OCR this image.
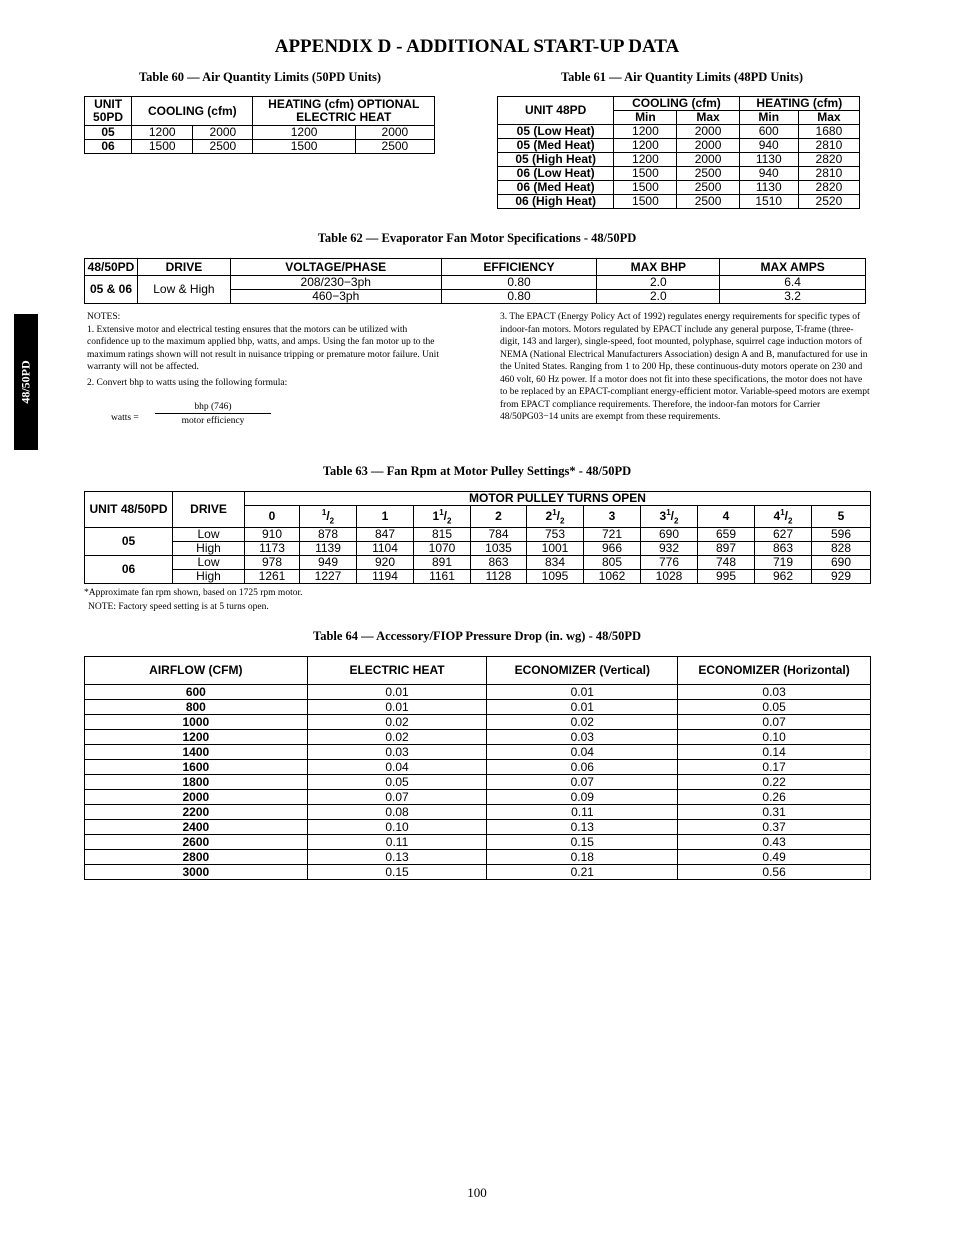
APPENDIX D - ADDITIONAL START-UP DATA
48/50PD
Table 60 — Air Quantity Limits (50PD Units)
UNIT 50PD	COOLING (cfm)		HEATING (cfm) OPTIONAL ELECTRIC HEAT	
05	1200	2000	1200	2000
06	1500	2500	1500	2500
Table 61 — Air Quantity Limits (48PD Units)
UNIT 48PD	COOLING (cfm)		HEATING (cfm)	
	Min	Max	Min	Max
05 (Low Heat)	1200	2000	600	1680
05 (Med Heat)	1200	2000	940	2810
05 (High Heat)	1200	2000	1130	2820
06 (Low Heat)	1500	2500	940	2810
06 (Med Heat)	1500	2500	1130	2820
06 (High Heat)	1500	2500	1510	2520
Table 62 — Evaporator Fan Motor Specifications - 48/50PD
48/50PD	DRIVE	VOLTAGE/PHASE	EFFICIENCY	MAX BHP	MAX AMPS
05 & 06	Low & High	208/230−3ph	0.80	2.0	6.4
		460−3ph	0.80	2.0	3.2

NOTES:

1. Extensive motor and electrical testing ensures that the motors can be utilized with confidence up to the maximum applied bhp, watts, and amps. Using the fan motor up to the maximum ratings shown will not result in nuisance tripping or premature motor failure. Unit warranty will not be affected.

2. Convert bhp to watts using the following formula:

watts =
bhp (746)
motor efficiency
3. The EPACT (Energy Policy Act of 1992) regulates energy requirements for specific types of indoor-fan motors. Motors regulated by EPACT include any general purpose, T-frame (three-digit, 143 and larger), single-speed, foot mounted, polyphase, squirrel cage induction motors of NEMA (National Electrical Manufacturers Association) design A and B, manufactured for use in the United States. Ranging from 1 to 200 Hp, these continuous-duty motors operate on 230 and 460 volt, 60 Hz power. If a motor does not fit into these specifications, the motor does not have to be replaced by an EPACT-compliant energy-efficient motor. Variable-speed motors are exempt from EPACT compliance requirements. Therefore, the indoor-fan motors for Carrier 48/50PG03−14 units are exempt from these requirements.
Table 63 — Fan Rpm at Motor Pulley Settings* - 48/50PD
UNIT 48/50PD	DRIVE	MOTOR PULLEY TURNS OPEN										
		0	$^1/_2$	1	$1^1/_2$	2	$2^1/_2$	3	$3^1/_2$	4	$4^1/_2$	5
05	Low	910	878	847	815	784	753	721	690	659	627	596
	High	1173	1139	1104	1070	1035	1001	966	932	897	863	828
06	Low	978	949	920	891	863	834	805	776	748	719	690
	High	1261	1227	1194	1161	1128	1095	1062	1028	995	962	929
*Approximate fan rpm shown, based on 1725 rpm motor.
NOTE: Factory speed setting is at 5 turns open.
Table 64 — Accessory/FIOP Pressure Drop (in. wg) - 48/50PD
AIRFLOW (CFM)	ELECTRIC HEAT	ECONOMIZER (Vertical)	ECONOMIZER (Horizontal)
600	0.01	0.01	0.03
800	0.01	0.01	0.05
1000	0.02	0.02	0.07
1200	0.02	0.03	0.10
1400	0.03	0.04	0.14
1600	0.04	0.06	0.17
1800	0.05	0.07	0.22
2000	0.07	0.09	0.26
2200	0.08	0.11	0.31
2400	0.10	0.13	0.37
2600	0.11	0.15	0.43
2800	0.13	0.18	0.49
3000	0.15	0.21	0.56
100
